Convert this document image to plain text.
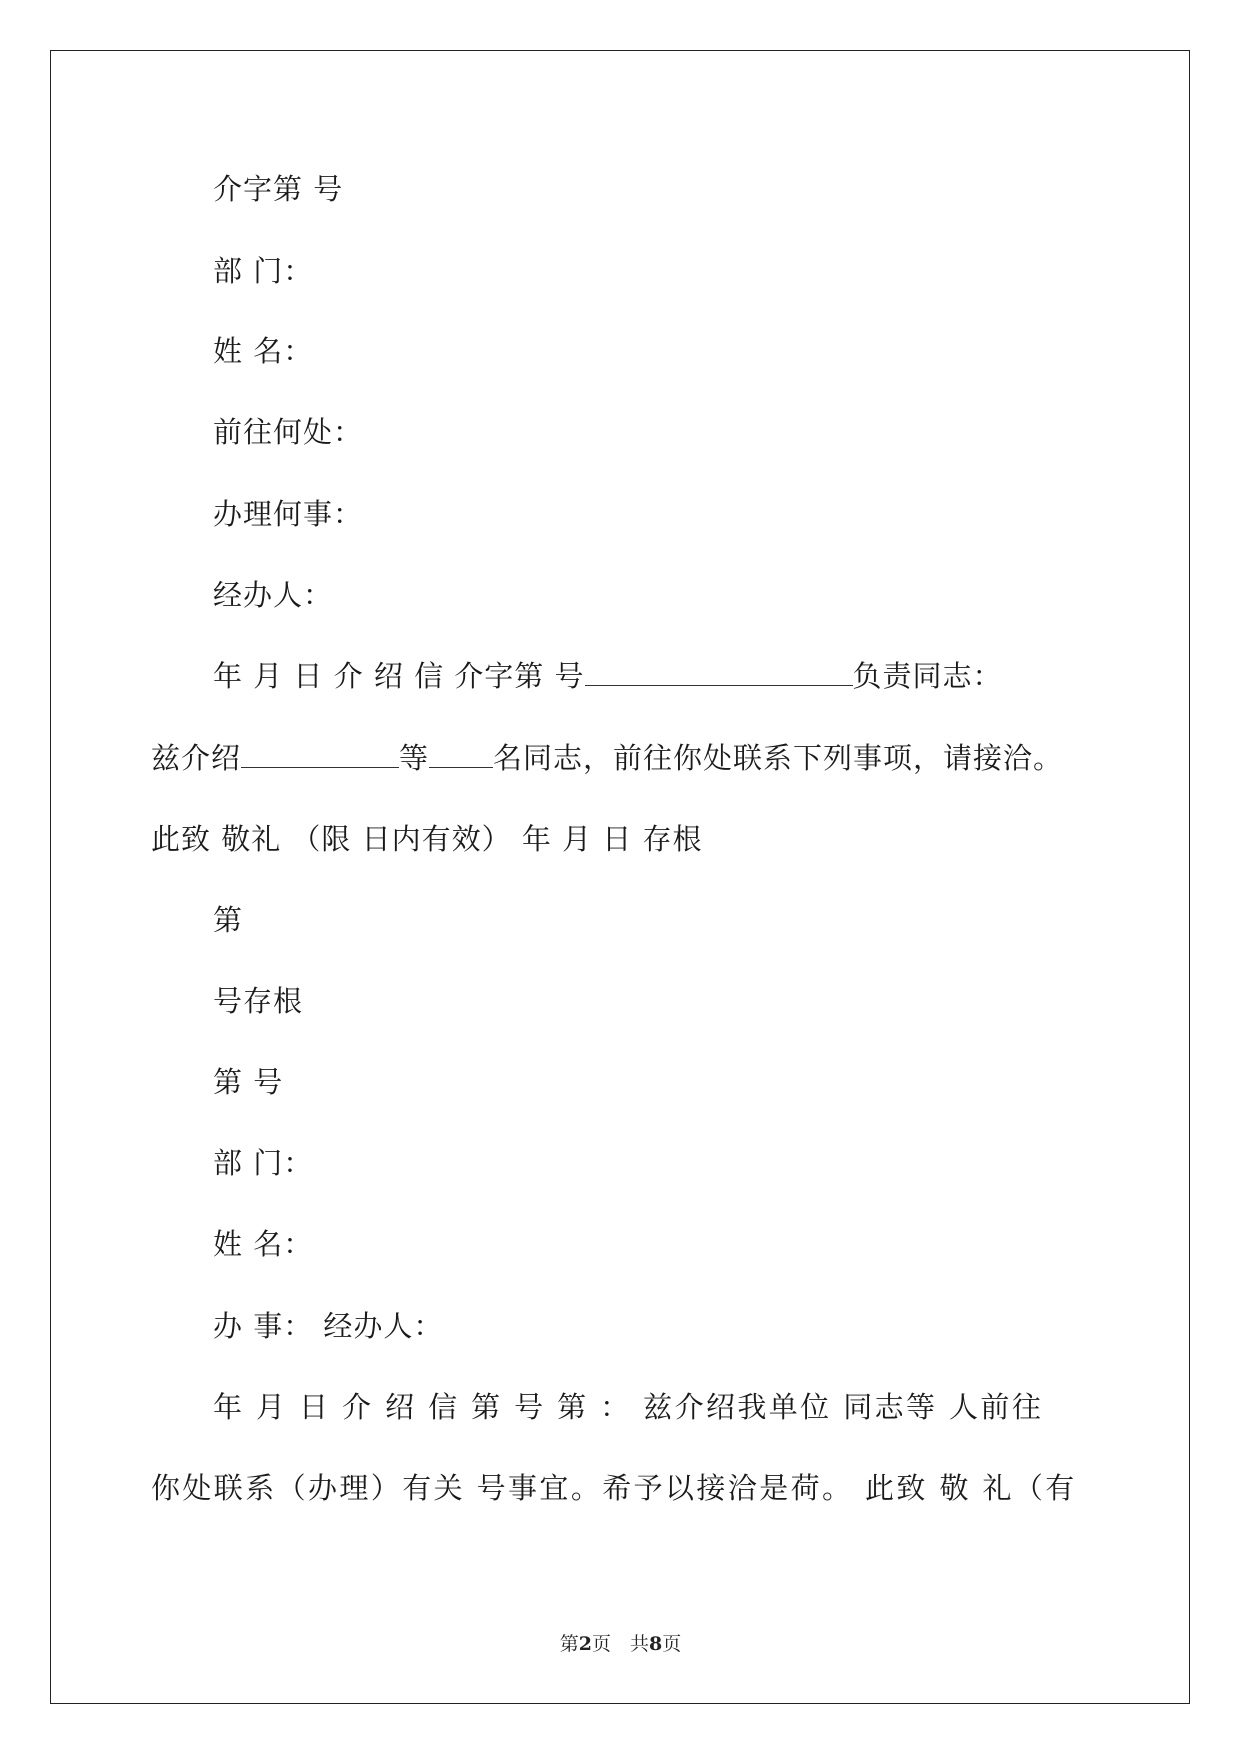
介字第 号
部 门：
姓 名：
前往何处：
办理何事：
经办人：
年 月 日 介 绍 信 介字第 号	负责同志：
兹介绍	等 名同志，前往你处联系下列事项，请接洽。
此致 敬礼 （限 日内有效） 年 月 日 存根
第
号存根
第 号
部 门：
姓 名：
办 事： 经办人：
年 月 日 介 绍 信 第 号 第 ： 兹介绍我单位 同志等 人前往
你处联系（办理）有关 号事宜。希予以接洽是荷。 此致 敬 礼（有
第2页　共8页
